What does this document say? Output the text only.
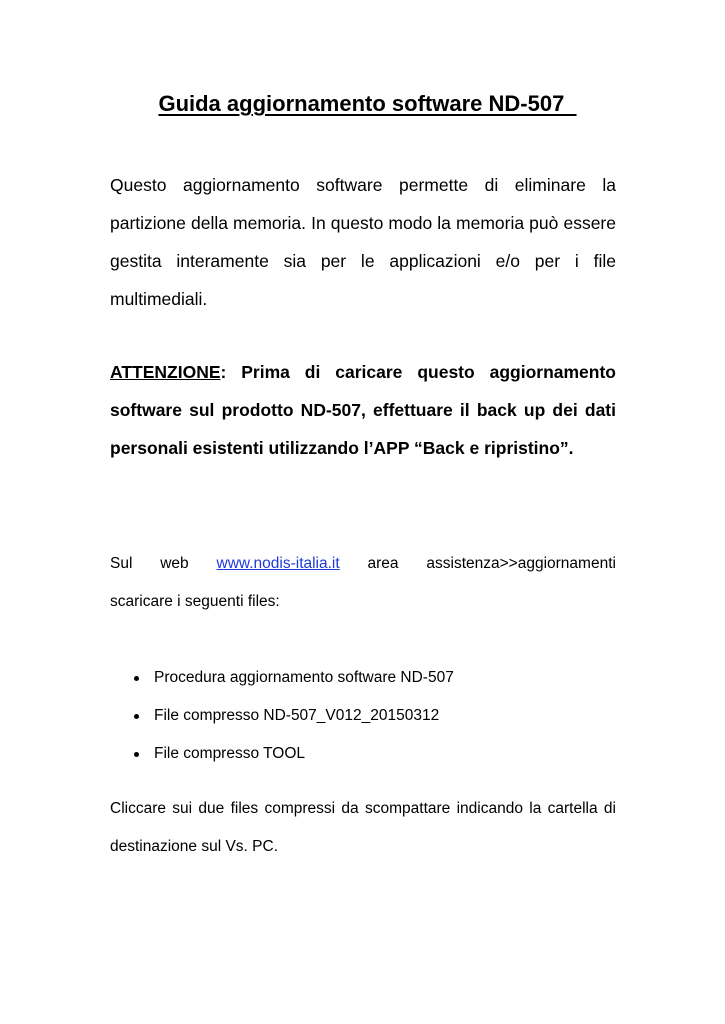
Guida aggiornamento software ND-507

Questo aggiornamento software permette di eliminare la partizione della memoria. In questo modo la memoria può essere gestita interamente sia per le applicazioni e/o per i file multimediali.

ATTENZIONE: Prima di caricare questo aggiornamento software sul prodotto ND-507, effettuare il back up dei dati personali esistenti utilizzando l’APP “Back e ripristino”.

Sul web www.nodis-italia.it area assistenza>>aggiornamenti
scaricare i seguenti files:
Procedura aggiornamento software ND-507
File compresso ND-507_V012_20150312
File compresso TOOL

Cliccare sui due files compressi da scompattare indicando la cartella di destinazione sul Vs. PC.
